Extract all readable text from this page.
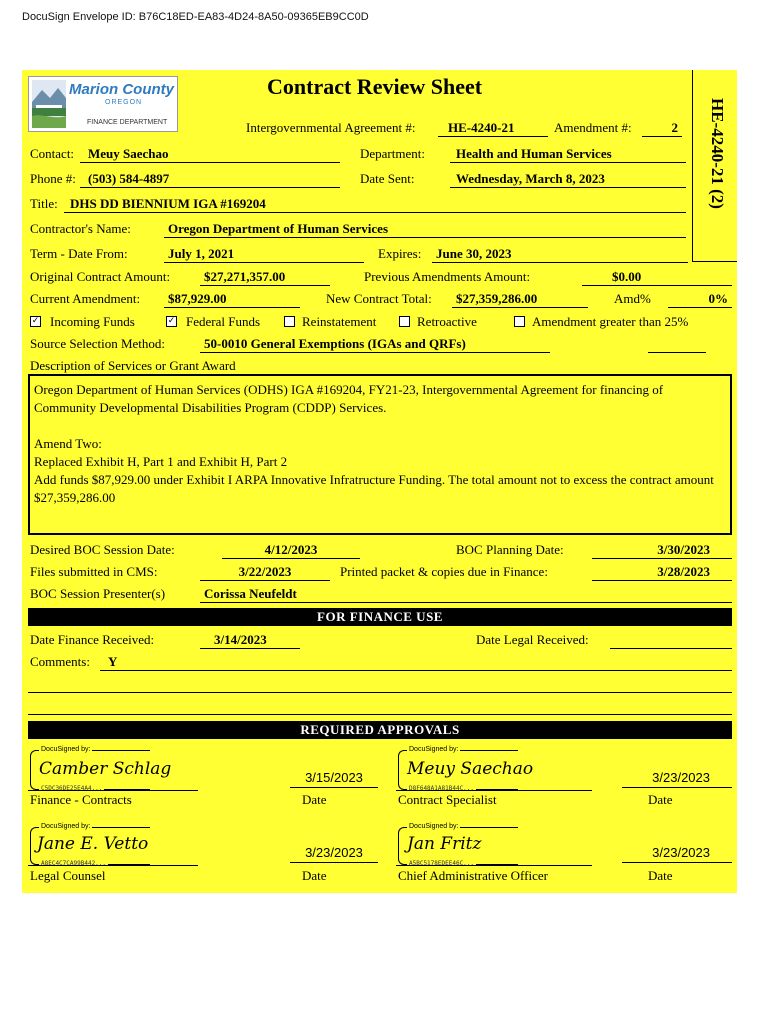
DocuSign Envelope ID: B76C18ED-EA83-4D24-8A50-09365EB9CC0D
Marion County
OREGON
FINANCE DEPARTMENT
Contract Review Sheet
HE-4240-21 (2)
Intergovernmental Agreement #:	HE-4240-21	Amendment #:	2
Contact:	Meuy Saechao	Department:	Health and Human Services
Phone #: (503) 584-4897	Date Sent:	Wednesday, March 8, 2023
Title: DHS DD BIENNIUM IGA #169204
Contractor's Name:	Oregon Department of Human Services
Term - Date From:	July 1, 2021	Expires:	June 30, 2023
Original Contract Amount:	$27,271,357.00	Previous Amendments Amount:	$0.00
Current Amendment:	$87,929.00	New Contract Total:	$27,359,286.00	Amd%	0%
✓ Incoming Funds	✓ Federal Funds	Reinstatement	Retroactive	Amendment greater than 25%
Source Selection Method:	50-0010 General Exemptions (IGAs and QRFs)
Description of Services or Grant Award
Oregon Department of Human Services (ODHS) IGA #169204, FY21-23, Intergovernmental Agreement for financing of Community Developmental Disabilities Program (CDDP) Services.
Amend Two:
Replaced Exhibit H, Part 1 and Exhibit H, Part 2
Add funds $87,929.00 under Exhibit I ARPA Innovative Infratructure Funding. The total amount not to excess the contract amount $27,359,286.00
Desired BOC Session Date:	4/12/2023	BOC Planning Date:	3/30/2023
Files submitted in CMS:	3/22/2023	Printed packet & copies due in Finance:	3/28/2023
BOC Session Presenter(s)	Corissa Neufeldt
FOR FINANCE USE
Date Finance Received:	3/14/2023	Date Legal Received:
Comments:	Y
REQUIRED APPROVALS
DocuSigned by:
Camber Schlag
C5DC36DE25E4A4...
Finance - Contracts
3/15/2023
Date
DocuSigned by:
Meuy Saechao
D8F648A1A81B44C...
Contract Specialist
3/23/2023
Date
DocuSigned by:
Jane E. Vetto
A8EC4C7CA99B442...
Legal Counsel
3/23/2023
Date
DocuSigned by:
Jan Fritz
A5BC5178EDEE46C...
Chief Administrative Officer
3/23/2023
Date
